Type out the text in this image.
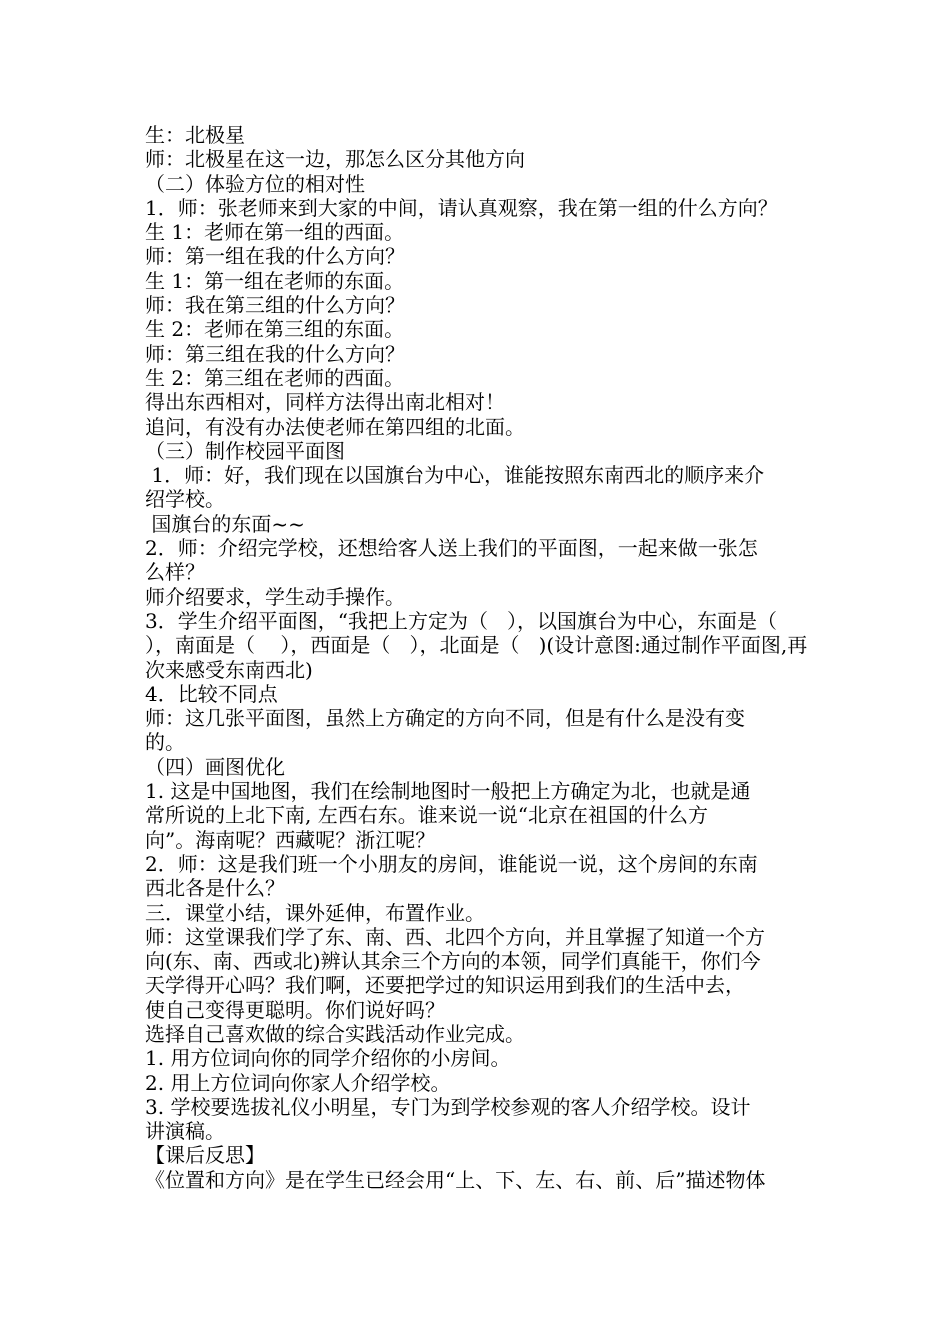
生：北极星
师：北极星在这一边，那怎么区分其他方向
（二）体验方位的相对性
1．师：张老师来到大家的中间，请认真观察，我在第一组的什么方向？
生 1：老师在第一组的西面。
师：第一组在我的什么方向？
生 1：第一组在老师的东面。
师：我在第三组的什么方向？
生 2：老师在第三组的东面。
师：第三组在我的什么方向？
生 2：第三组在老师的西面。
得出东西相对，同样方法得出南北相对！
追问，有没有办法使老师在第四组的北面。
（三）制作校园平面图
1．师：好，我们现在以国旗台为中心，谁能按照东南西北的顺序来介
绍学校。
国旗台的东面~~
2．师：介绍完学校，还想给客人送上我们的平面图，一起来做一张怎
么样？
师介绍要求，学生动手操作。
3．学生介绍平面图，“我把上方定为（   ），以国旗台为中心，东面是（
），南面是（    ），西面是（   ），北面是（   )(设计意图:通过制作平面图,再
次来感受东南西北)
4．比较不同点
师：这几张平面图，虽然上方确定的方向不同，但是有什么是没有变
的。
（四）画图优化
1. 这是中国地图，我们在绘制地图时一般把上方确定为北，也就是通
常所说的上北下南, 左西右东。谁来说一说“北京在祖国的什么方
向”。海南呢？西藏呢？浙江呢？
2．师：这是我们班一个小朋友的房间，谁能说一说，这个房间的东南
西北各是什么？
三．课堂小结，课外延伸，布置作业。
师：这堂课我们学了东、南、西、北四个方向，并且掌握了知道一个方
向(东、南、西或北)辨认其余三个方向的本领，同学们真能干，你们今
天学得开心吗？我们啊，还要把学过的知识运用到我们的生活中去，
使自己变得更聪明。你们说好吗？
选择自己喜欢做的综合实践活动作业完成。
1. 用方位词向你的同学介绍你的小房间。
2. 用上方位词向你家人介绍学校。
3. 学校要选拔礼仪小明星，专门为到学校参观的客人介绍学校。设计
讲演稿。
【课后反思】
《位置和方向》是在学生已经会用“上、下、左、右、前、后”描述物体
